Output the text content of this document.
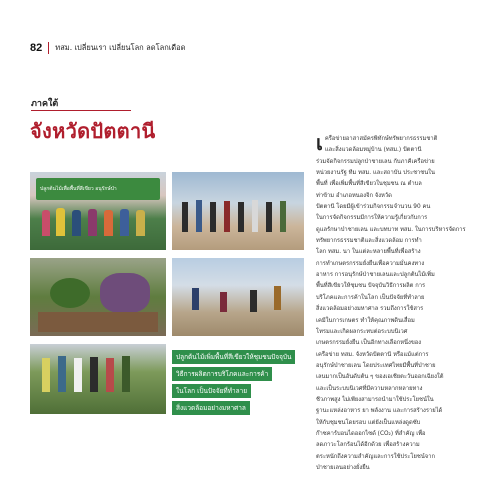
82 ทสม. เปลี่ยนเรา เปลี่ยนโลก ลดโลกเดือด
ภาคใต้
จังหวัดปัตตานี
ปลูกต้นไม้เพื่อพื้นที่สีเขียว อนุรักษ์ป่า
ปลูกต้นไม้เพิ่มพื้นที่สีเขียวให้ชุมชนปัจจุบัน
วิธีการผลิตการบริโภคและการค้า
ในโลก เป็นปัจจัยที่ทำลาย
สิ่งแวดล้อมอย่างมหาศาล
เ ครือข่ายอาสาสมัครพิทักษ์ทรัพยากรธรรมชาติ
และสิ่งแวดล้อมหมู่บ้าน (ทสม.) ปัตตานี
ร่วมจัดกิจกรรมปลูกป่าชายเลน กับภาคีเครือข่าย
หน่วยงานรัฐ ทีม ทสม. และสถาบัน ประชาชนใน
พื้นที่ เพื่อเพิ่มพื้นที่สีเขียวในชุมชน ณ ตำบล
ท่าข้าม อำเภอหนองจิก จังหวัด
ปัตตานี โดยมีผู้เข้าร่วมกิจกรรมจำนวน 90 คน
ในการจัดกิจกรรมมีการให้ความรู้เกี่ยวกับการ
ดูแลรักษาป่าชายเลน และบทบาท ทสม. ในการบริหารจัดการ
ทรัพยากรธรรมชาติและสิ่งแวดล้อม การทำ
โลก ทสม. นา ในแต่ละหลายพื้นที่เพื่อสร้าง
การทำเกษตรกรรมยั่งยืนเพื่อความมั่นคงทาง
อาหาร การอนุรักษ์ป่าชายเลนและปลูกต้นไม้เพิ่ม
พื้นที่สีเขียวให้ชุมชน ปัจจุบันวิธีการผลิต การ
บริโภคและการค้าในโลก เป็นปัจจัยที่ทำลาย
สิ่งแวดล้อมอย่างมหาศาล รวมถึงการใช้สาร
เคมีในการเกษตร ทำให้คุณภาพดินเสื่อม
โทรมและเกิดผลกระทบต่อระบบนิเวศ
เกษตรกรรมยั่งยืน เป็นอีกทางเลือกหนึ่งของ
เครือข่าย ทสม. จังหวัดปัตตานี หรือแม้แต่การ
อนุรักษ์ป่าชายเลน โดยประเทศไทยมีพื้นที่ป่าชาย
เลนมากเป็นอันดับต้น ๆ ของเอเชียตะวันออกเฉียงใต้
และเป็นระบบนิเวศที่มีความหลากหลายทาง
ชีวภาพสูง ไม่เพียงสามารถนำมาใช้ประโยชน์ใน
ฐานะแหล่งอาหาร ยา พลังงาน และการสร้างรายได้
ให้กับชุมชนโดยรอบ แต่ยังเป็นแหล่งดูดซับ
ก๊าซคาร์บอนไดออกไซด์ (CO₂) ที่สำคัญ เพื่อ
ลดภาวะโลกร้อนได้อีกด้วย เพื่อสร้างความ
ตระหนักถึงความสำคัญและการใช้ประโยชน์จาก
ป่าชายเลนอย่างยั่งยืน
